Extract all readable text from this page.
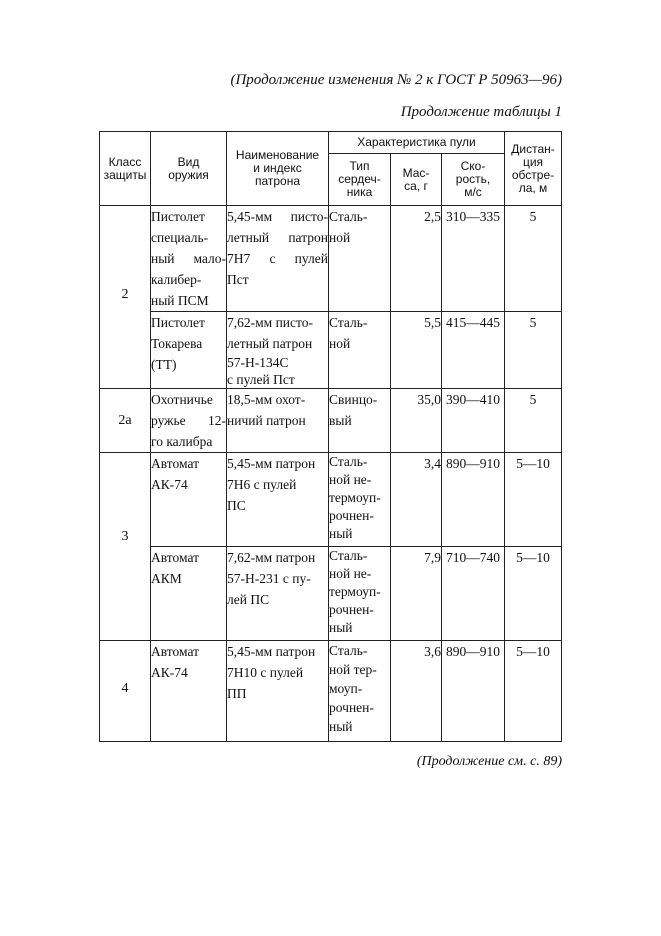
(Продолжение изменения № 2 к ГОСТ Р 50963—96)
Продолжение таблицы 1
Класс
защиты	Вид
оружия	Наименование
и индекс
патрона	Характеристика пули			Дистан-
ция
обстре-
ла, м

			Тип
сердеч-
ника	Мас-
са, г	Ско-
рость,
м/с	

2	Пистолет
специаль-
ный мало-
калибер-
ный ПСМ	5,45-мм писто-
летный патрон
7Н7 с пулей
Пст	Сталь-
ной	2,5	310—335	5

	Пистолет
Токарева
(ТТ)	7,62-мм писто-
летный патрон
57-Н-134С
с пулей Пст	Сталь-
ной	5,5	415—445	5

2а	Охотничье
ружье 12-
го калибра	18,5-мм охот-
ничий патрон	Свинцо-
вый	35,0	390—410	5

3	Автомат
АК-74	5,45-мм патрон
7Н6 с пулей
ПС	Сталь-
ной не-
термоуп-
рочнен-
ный	3,4	890—910	5—10

	Автомат
АКМ	7,62-мм патрон
57-Н-231 с пу-
лей ПС	Сталь-
ной не-
термоуп-
рочнен-
ный	7,9	710—740	5—10

4	Автомат
АК-74	5,45-мм патрон
7Н10 с пулей
ПП	Сталь-
ной тер-
моуп-
рочнен-
ный	3,6	890—910	5—10
(Продолжение см. с. 89)
